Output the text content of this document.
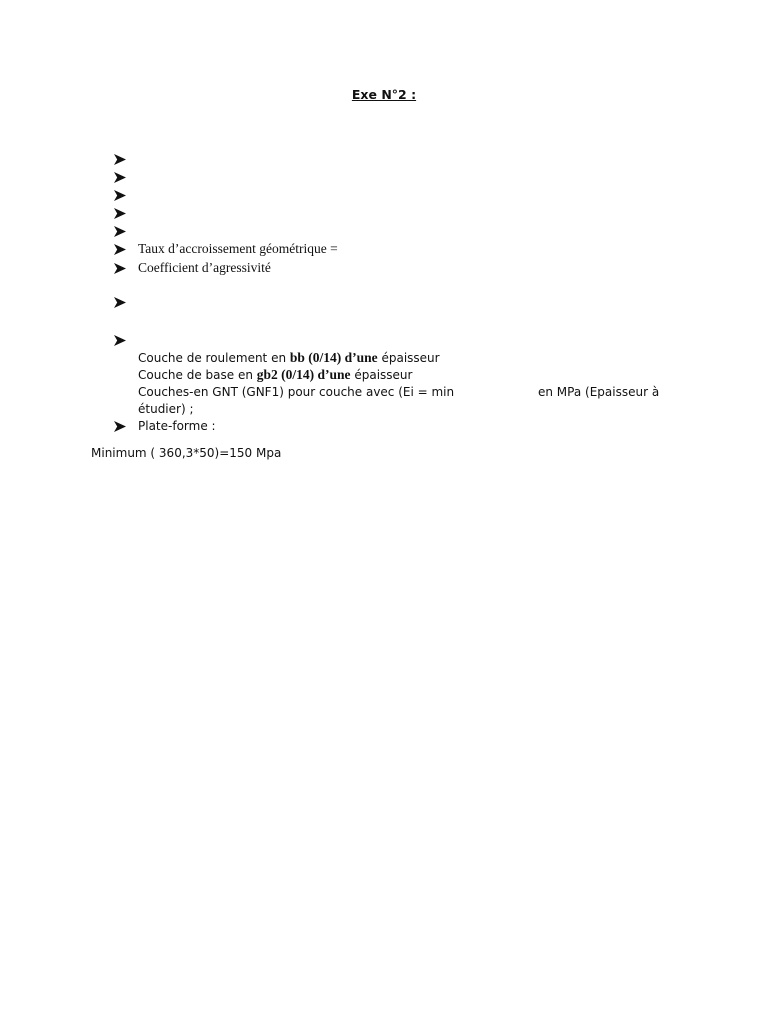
Exe N°2 :
Taux d’accroissement géométrique =
Coefficient d’agressivité
Couche de roulement en bb (0/14) d’une épaisseur
Couche de base en gb2 (0/14) d’une épaisseur
Couches-en GNT (GNF1) pour couche avec (Ei = min	en MPa (Epaisseur à
étudier) ;
Plate-forme :
Minimum ( 360,3*50)=150 Mpa
